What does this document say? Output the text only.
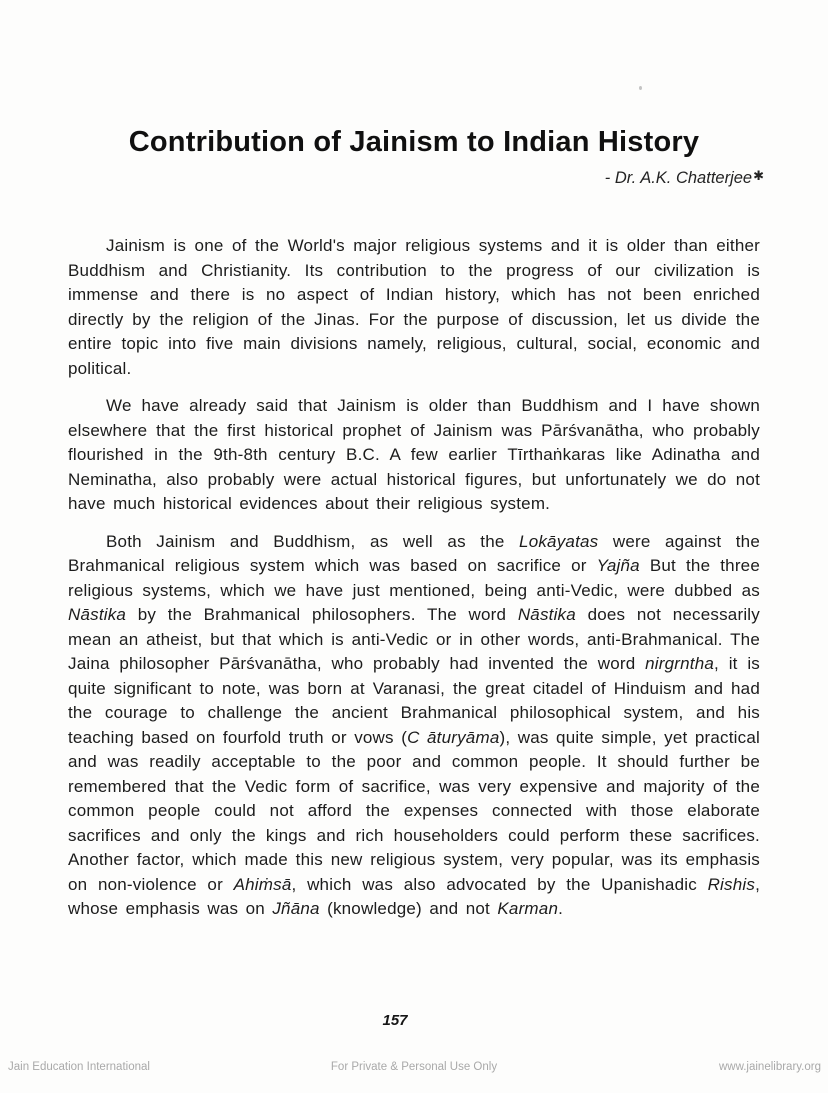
Contribution of Jainism to Indian History
- Dr. A.K. Chatterjee✱

Jainism is one of the World's major religious systems and it is older than either Buddhism and Christianity. Its contribution to the progress of our civilization is immense and there is no aspect of Indian history, which has not been enriched directly by the religion of the Jinas. For the purpose of discussion, let us divide the entire topic into five main divisions namely, religious, cultural, social, economic and political.

We have already said that Jainism is older than Buddhism and I have shown elsewhere that the first historical prophet of Jainism was Pārśvanātha, who probably flourished in the 9th-8th century B.C. A few earlier Tīrthaṅkaras like Adinatha and Neminatha, also probably were actual historical figures, but unfortunately we do not have much historical evidences about their religious system.

Both Jainism and Buddhism, as well as the Lokāyatas were against the Brahmanical religious system which was based on sacrifice or Yajña But the three religious systems, which we have just mentioned, being anti-Vedic, were dubbed as Nāstika by the Brahmanical philosophers. The word Nāstika does not necessarily mean an atheist, but that which is anti-Vedic or in other words, anti-Brahmanical. The Jaina philosopher Pārśvanātha, who probably had invented the word nirgrntha, it is quite significant to note, was born at Varanasi, the great citadel of Hinduism and had the courage to challenge the ancient Brahmanical philosophical system, and his teaching based on fourfold truth or vows (C āturyāma), was quite simple, yet practical and was readily acceptable to the poor and common people. It should further be remembered that the Vedic form of sacrifice, was very expensive and majority of the common people could not afford the expenses connected with those elaborate sacrifices and only the kings and rich householders could perform these sacrifices. Another factor, which made this new religious system, very popular, was its emphasis on non-violence or Ahiṁsā, which was also advocated by the Upanishadic Rishis, whose emphasis was on Jñāna (knowledge) and not Karman.

157
Jain Education International	For Private & Personal Use Only	www.jainelibrary.org
